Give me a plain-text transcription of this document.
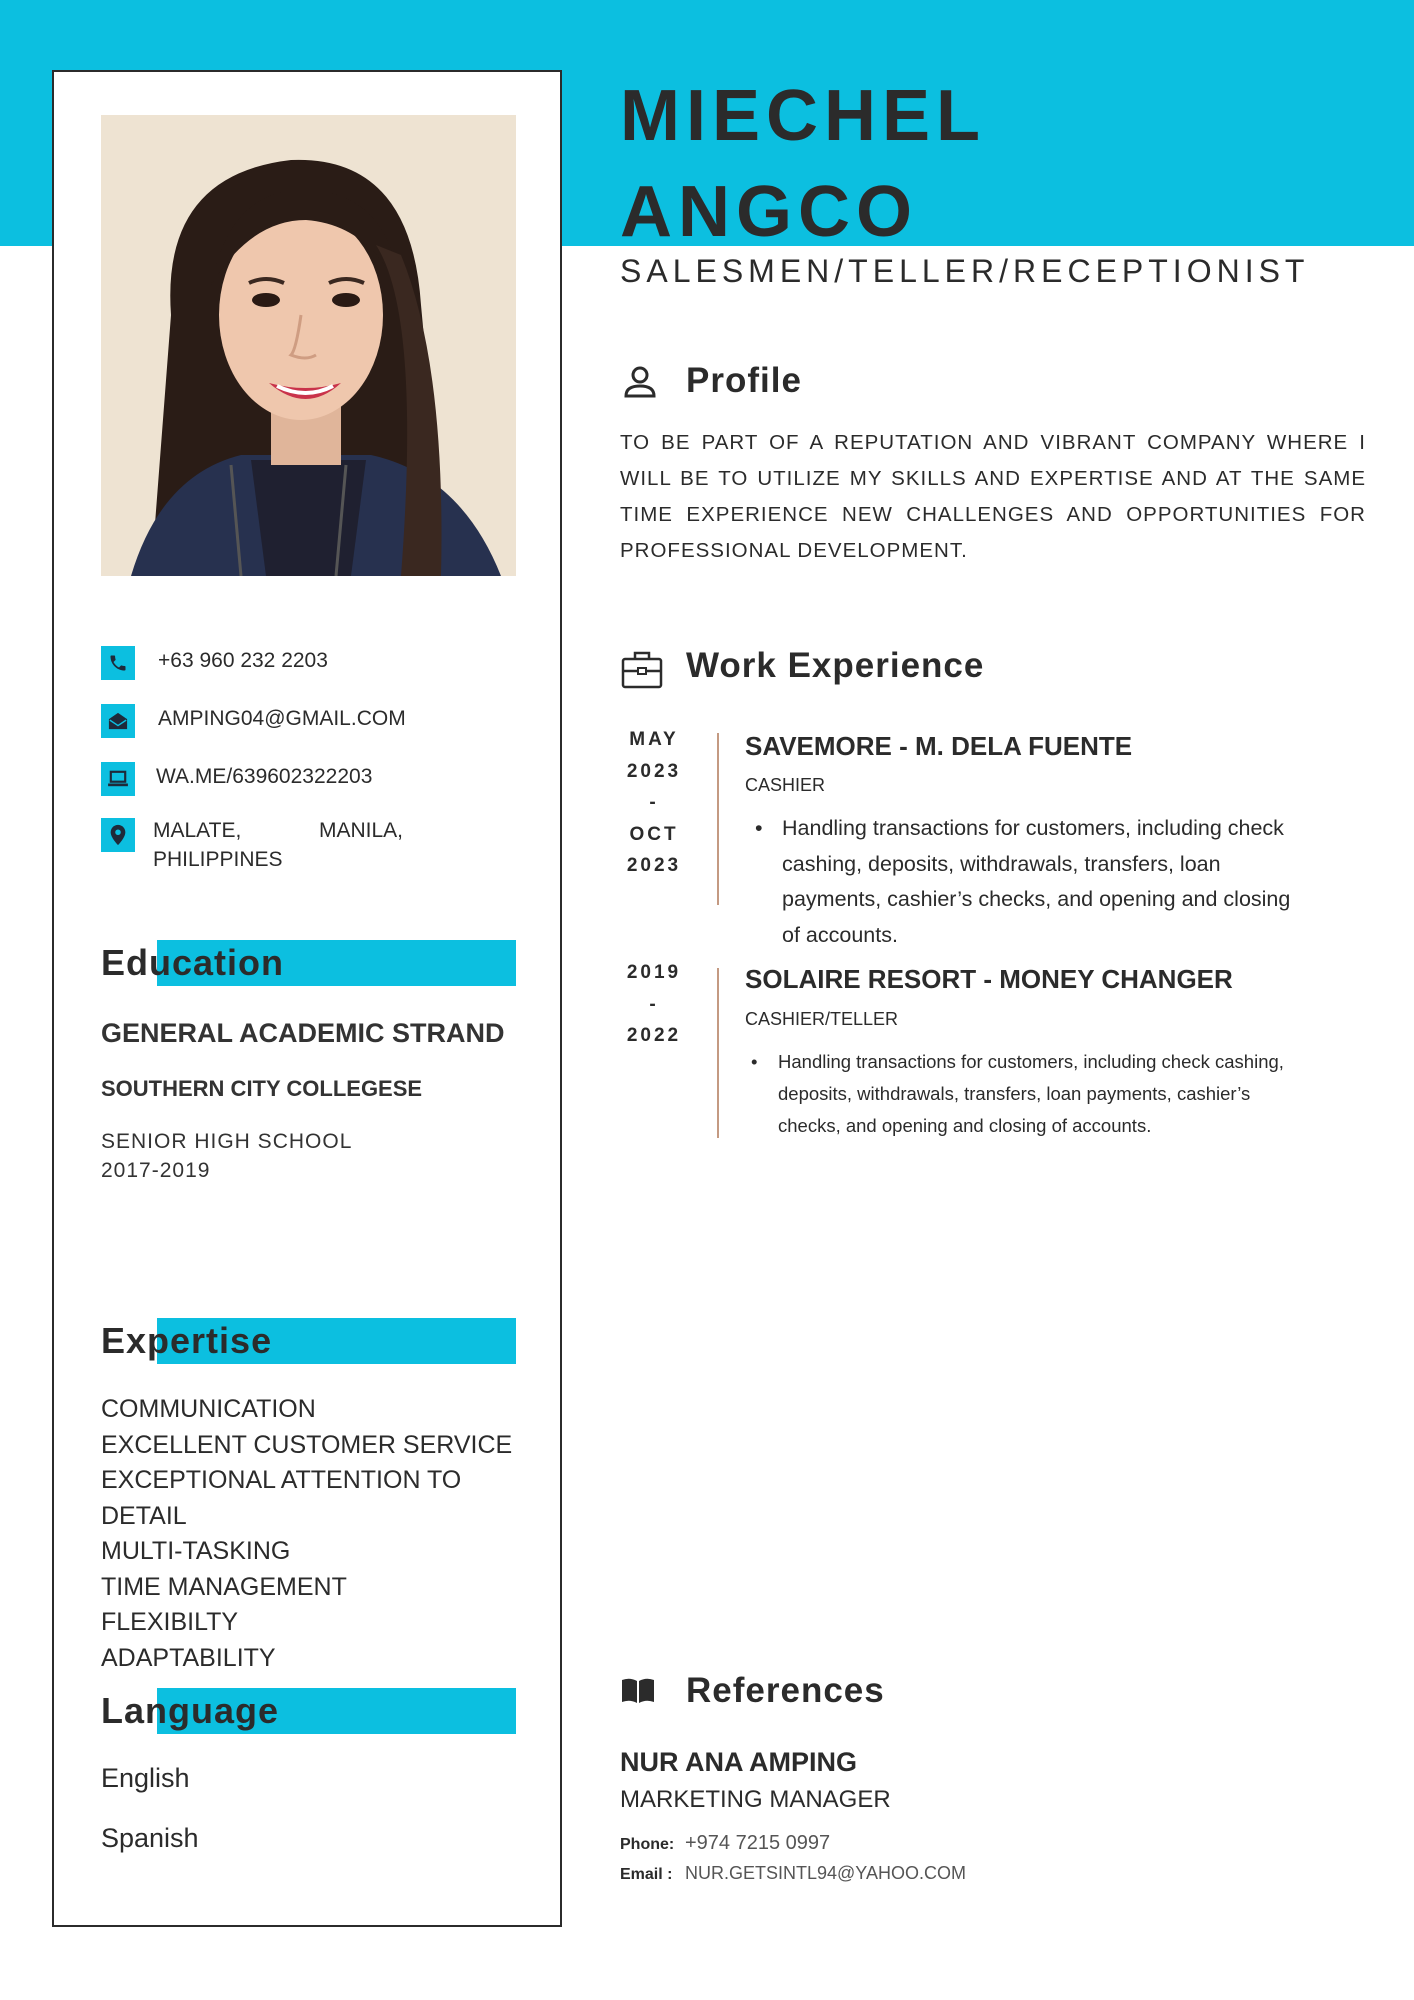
+63 960 232 2203
AMPING04@GMAIL.COM
WA.ME/639602322203
MALATE,	MANILA,
PHILIPPINES
Education
GENERAL ACADEMIC STRAND
SOUTHERN CITY COLLEGESE
SENIOR HIGH SCHOOL
2017-2019
Expertise
COMMUNICATION
EXCELLENT CUSTOMER SERVICE
EXCEPTIONAL ATTENTION TO
DETAIL
MULTI-TASKING
TIME MANAGEMENT
FLEXIBILTY
ADAPTABILITY
Language
English
Spanish
MIECHEL
ANGCO
SALESMEN/TELLER/RECEPTIONIST
Profile
TO BE PART OF A REPUTATION AND VIBRANT COMPANY WHERE I WILL BE TO UTILIZE MY SKILLS AND EXPERTISE AND AT THE SAME TIME EXPERIENCE NEW CHALLENGES AND OPPORTUNITIES FOR PROFESSIONAL DEVELOPMENT.
Work Experience
MAY
2023
-
OCT
2023
SAVEMORE - M. DELA FUENTE
CASHIER
• Handling transactions for customers, including check cashing, deposits, withdrawals, transfers, loan payments, cashier’s checks, and opening and closing of accounts.
2019
-
2022
SOLAIRE RESORT - MONEY CHANGER
CASHIER/TELLER
• Handling transactions for customers, including check cashing, deposits, withdrawals, transfers, loan payments, cashier’s checks, and opening and closing of accounts.
References
NUR ANA AMPING
MARKETING MANAGER
Phone: +974 7215 0997
Email : NUR.GETSINTL94@YAHOO.COM
